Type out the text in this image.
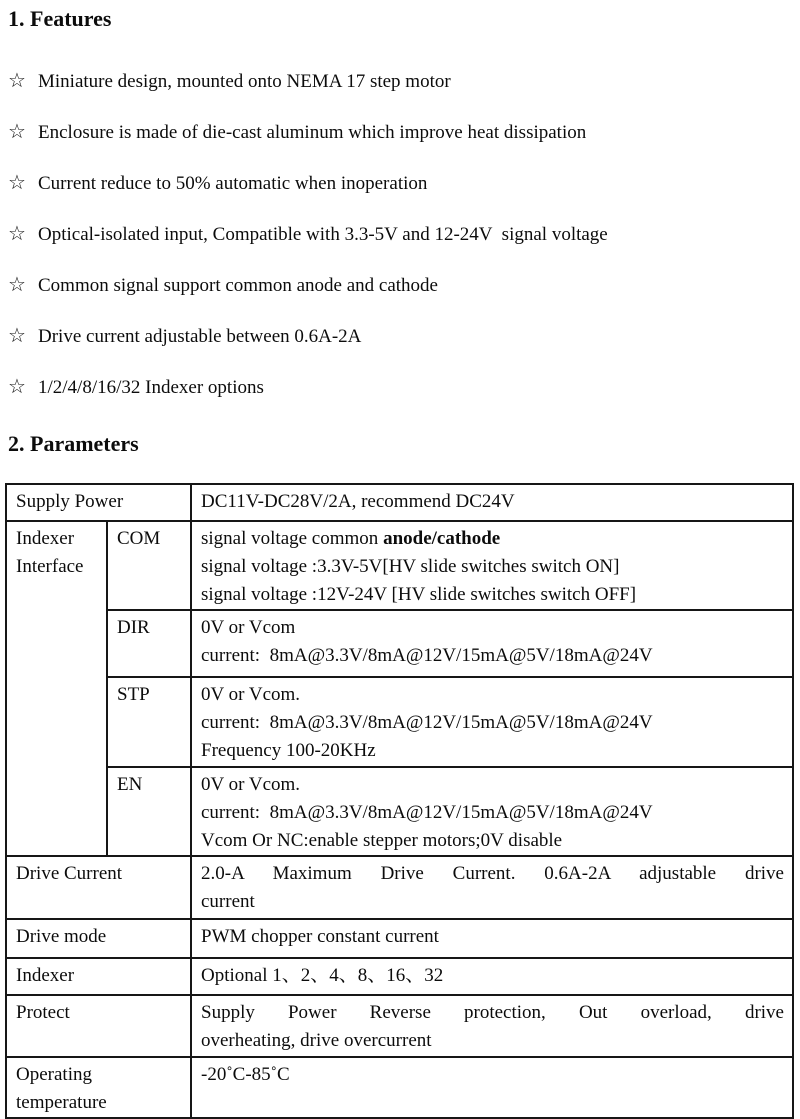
1. Features
☆ Miniature design, mounted onto NEMA 17 step motor
☆ Enclosure is made of die-cast aluminum which improve heat dissipation
☆ Current reduce to 50% automatic when inoperation
☆ Optical-isolated input, Compatible with 3.3-5V and 12-24V  signal voltage
☆ Common signal support common anode and cathode
☆ Drive current adjustable between 0.6A-2A
☆ 1/2/4/8/16/32 Indexer options
2. Parameters
Supply Power		DC11V-DC28V/2A, recommend DC24V

Indexer
Interface
	COM	signal voltage common anode/cathode
signal voltage :3.3V-5V[HV slide switches switch ON]
signal voltage :12V-24V [HV slide switches switch OFF]

	DIR	0V or Vcom
current:  8mA@3.3V/8mA@12V/15mA@5V/18mA@24V

	STP	0V or Vcom.
current:  8mA@3.3V/8mA@12V/15mA@5V/18mA@24V
Frequency 100-20KHz

	EN	0V or Vcom.
current:  8mA@3.3V/8mA@12V/15mA@5V/18mA@24V
Vcom Or NC:enable stepper motors;0V disable

Drive Current		2.0-A Maximum Drive Current. 0.6A-2A adjustable drive
current

Drive mode		PWM chopper constant current
Indexer		Optional 1、2、4、8、16、32
Protect		Supply Power Reverse protection, Out overload, drive
overheating, drive overcurrent

Operating
temperature		-20˚C-85˚C
